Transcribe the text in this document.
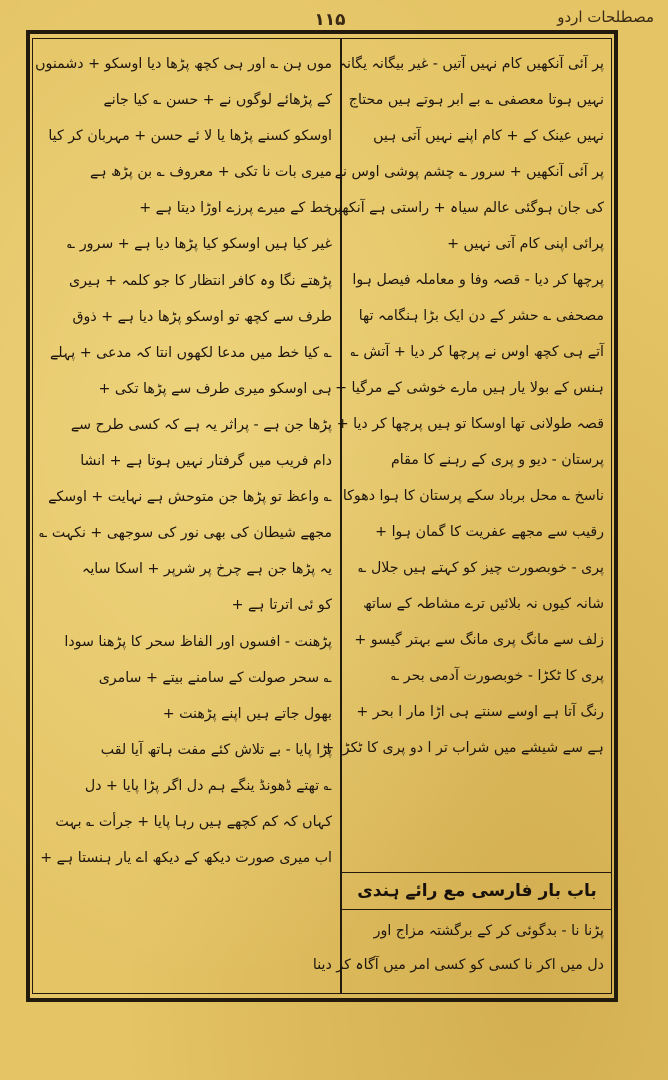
۱۱۵	مصطلحات اردو
پر آئی آنکھیں کام نہیں آتیں - غیر بیگانہ یگانہ
نہیں ہوتا معصفی ؎ بے ابر ہوتے ہیں محتاج
نہیں عینک کے + کام اپنے نہیں آتی ہیں
پر آئی آنکھیں + سرور ؎ چشم پوشی اوس نے
کی جان ہوگئی عالم سیاہ + راستی ہے آنکھیں
پرائی اپنی کام آتی نہیں +
پرچھا کر دیا - قصہ وفا و معاملہ فیصل ہوا
مصحفی ؎ حشر کے دن ایک بڑا ہنگامہ تھا
آتے ہی کچھ اوس نے پرچھا کر دیا + آتش ؎
ہنس کے بولا یار ہیں مارے خوشی کے مرگیا +
قصہ طولانی تھا اوسکا تو ہیں پرچھا کر دیا +
پرستان - دیو و پری کے رہنے کا مقام
ناسخ ؎ محل برباد سکے پرستان کا ہوا دھوکا
رقیب سے مجھے عفریت کا گمان ہوا +
پری - خوبصورت چیز کو کہتے ہیں جلال ؎
شانہ کیوں نہ بلائیں ترے مشاطہ کے ساتھ
زلف سے مانگ پری مانگ سے بہتر گیسو +
پری کا ٹکڑا - خوبصورت آدمی بحر ؎
رنگ آتا ہے اوسے سنتے ہی اڑا مار ا بحر +
ہے سے شیشے میں شراب تر ا دو پری کا ٹکڑا +
باب بار فارسی مع رائے ہندی
پڑنا نا - بدگوئی کر کے برگشتہ مزاج اور
دل میں اکر نا کسی کو کسی امر میں آگاہ کر دینا
موں ہن ؎ اور ہی کچھ پڑھا دیا اوسکو + دشمنوں
کے پڑھائے لوگوں نے + حسن ؎ کیا جانے
اوسکو کسنے پڑھا یا لا ئے حسن + مہربان کر کیا
میری بات نا تکی + معروف ؎ بن پڑھ ہے
خط کے میرے پرزے اوڑا دیتا ہے +
غیر کیا ہیں اوسکو کیا پڑھا دیا ہے + سرور ؎
پڑھتے نگا وہ کافر انتظار کا جو کلمہ + ہیری
طرف سے کچھ تو اوسکو پڑھا دیا ہے + ذوق
؎ کیا خط میں مدعا لکھوں انتا کہ مدعی + پہلے
ہی اوسکو میری طرف سے پڑھا تکی +
پڑھا جن ہے - پراثر یہ ہے کہ کسی طرح سے
دام فریب میں گرفتار نہیں ہوتا ہے + انشا
؎ واعظ تو پڑھا جن متوحش ہے نہایت + اوسکے
مجھے شیطان کی بھی نور کی سوجھی + نکہت ؎
یہ پڑھا جن ہے چرخ پر شرپر + اسکا سایہ
کو ئی اترتا ہے +
پڑھنت - افسوں اور الفاظ سحر کا پڑھنا سودا
؎ سحر صولت کے سامنے بیتے + سامری
بھول جاتے ہیں اپنے پڑھنت +
پڑا پایا - بے تلاش کئے مفت ہاتھ آیا لقب
؎ تھتے ڈھونڈ ینگے ہم دل اگر پڑا پایا + دل
کہاں کہ کم کچھے ہیں رہا پایا + جرأت ؎ بہت
اب میری صورت دیکھ کے دیکھ اے یار ہنستا ہے +
